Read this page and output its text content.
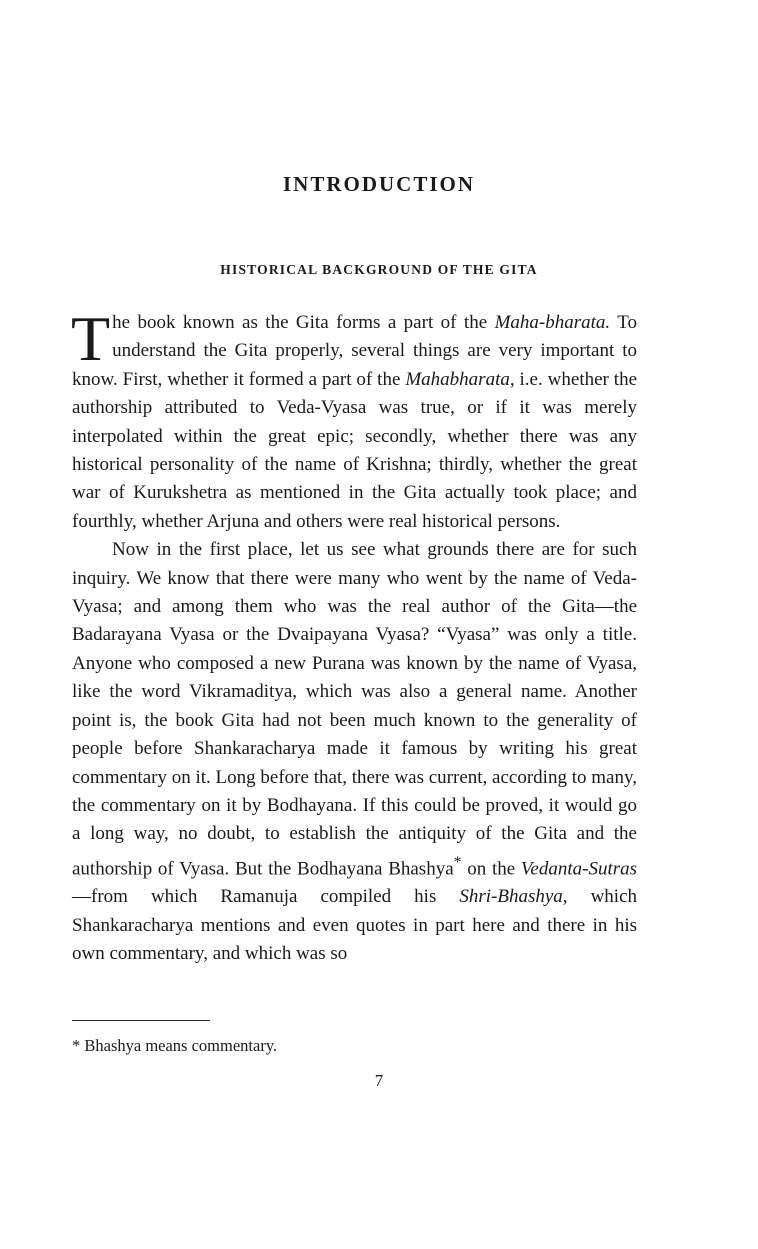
INTRODUCTION
HISTORICAL BACKGROUND OF THE GITA

The book known as the Gita forms a part of the Maha-bharata. To understand the Gita properly, several things are very important to know. First, whether it formed a part of the Mahabharata, i.e. whether the authorship attributed to Veda-Vyasa was true, or if it was merely interpolated within the great epic; secondly, whether there was any historical personality of the name of Krishna; thirdly, whether the great war of Kurukshetra as mentioned in the Gita actually took place; and fourthly, whether Arjuna and others were real historical persons.

Now in the first place, let us see what grounds there are for such inquiry. We know that there were many who went by the name of Veda-Vyasa; and among them who was the real author of the Gita—the Badarayana Vyasa or the Dvaipayana Vyasa? “Vyasa” was only a title. Anyone who composed a new Purana was known by the name of Vyasa, like the word Vikramaditya, which was also a general name. Another point is, the book Gita had not been much known to the generality of people before Shankaracharya made it famous by writing his great commentary on it. Long before that, there was current, according to many, the commentary on it by Bodhayana. If this could be proved, it would go a long way, no doubt, to establish the antiquity of the Gita and the authorship of Vyasa. But the Bodhayana Bhashya* on the Vedanta-Sutras—from which Ramanuja compiled his Shri-Bhashya, which Shankaracharya mentions and even quotes in part here and there in his own commentary, and which was so

* Bhashya means commentary.
7
